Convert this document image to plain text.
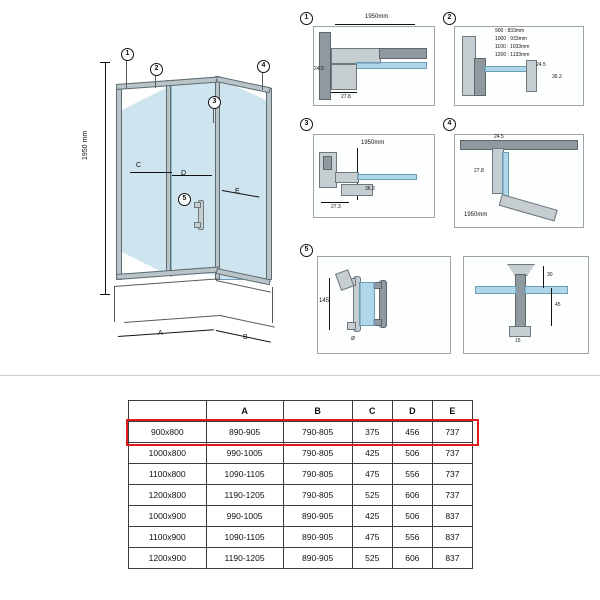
1950 mm
C
D
E
A
B
1
2
3
4
5
1	1950mm
24.5
27.8
2
900 : 833mm
1000 : 933mm
1100 : 1033mm
1200 : 1133mm
24.5
36.2
3
1950mm
36.3
27.3
4
24.5
27.8
1950mm
5
145
Ø
30
45
15
	A	B	C	D	E
900x800	890-905	790-805	375	456	737
1000x800	990-1005	790-805	425	506	737
1100x800	1090-1105	790-805	475	556	737
1200x800	1190-1205	790-805	525	606	737
1000x900	990-1005	890-905	425	506	837
1100x900	1090-1105	890-905	475	556	837
1200x900	1190-1205	890-905	525	606	837
